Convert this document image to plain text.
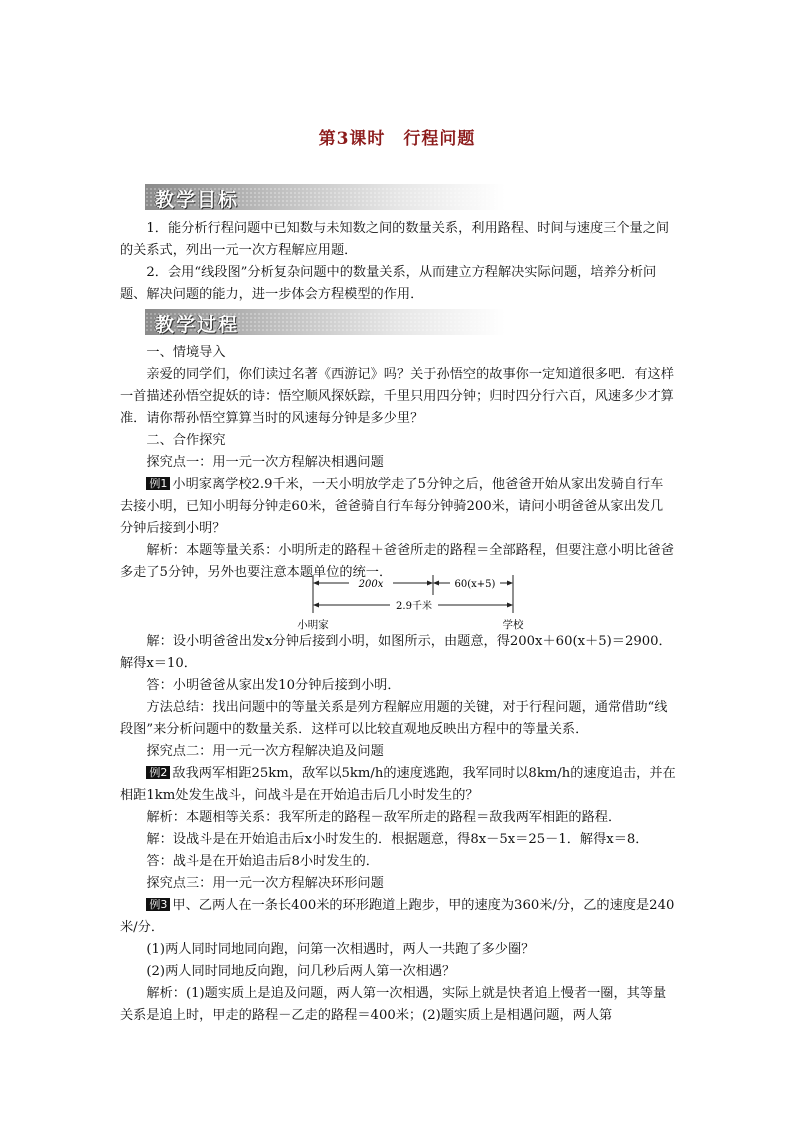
第3课时　行程问题
教学目标

1．能分析行程问题中已知数与未知数之间的数量关系，利用路程、时间与速度三个量之间的关系式，列出一元一次方程解应用题．

2．会用“线段图”分析复杂问题中的数量关系，从而建立方程解决实际问题，培养分析问题、解决问题的能力，进一步体会方程模型的作用．

教学过程

一、情境导入

亲爱的同学们，你们读过名著《西游记》吗？关于孙悟空的故事你一定知道很多吧．有这样一首描述孙悟空捉妖的诗：悟空顺风探妖踪，千里只用四分钟；归时四分行六百，风速多少才算准．请你帮孙悟空算算当时的风速每分钟是多少里？

二、合作探究

探究点一：用一元一次方程解决相遇问题

例1 小明家离学校2.9千米，一天小明放学走了5分钟之后，他爸爸开始从家出发骑自行车去接小明，已知小明每分钟走60米，爸爸骑自行车每分钟骑200米，请问小明爸爸从家出发几分钟后接到小明？

解析：本题等量关系：小明所走的路程＋爸爸所走的路程＝全部路程，但要注意小明比爸爸多走了5分钟，另外也要注意本题单位的统一．

200x	60(x+5)
2.9千米
小明家	学校

解：设小明爸爸出发x分钟后接到小明，如图所示，由题意，得200x＋60(x＋5)＝2900．解得x＝10．

答：小明爸爸从家出发10分钟后接到小明．

方法总结：找出问题中的等量关系是列方程解应用题的关键，对于行程问题，通常借助“线段图”来分析问题中的数量关系．这样可以比较直观地反映出方程中的等量关系．

探究点二：用一元一次方程解决追及问题

例2 敌我两军相距25km，敌军以5km/h的速度逃跑，我军同时以8km/h的速度追击，并在相距1km处发生战斗，问战斗是在开始追击后几小时发生的？

解析：本题相等关系：我军所走的路程－敌军所走的路程＝敌我两军相距的路程．

解：设战斗是在开始追击后x小时发生的．根据题意，得8x－5x＝25－1．解得x＝8．

答：战斗是在开始追击后8小时发生的．

探究点三：用一元一次方程解决环形问题

例3 甲、乙两人在一条长400米的环形跑道上跑步，甲的速度为360米/分，乙的速度是240米/分．

(1)两人同时同地同向跑，问第一次相遇时，两人一共跑了多少圈？

(2)两人同时同地反向跑，问几秒后两人第一次相遇？

解析：(1)题实质上是追及问题，两人第一次相遇，实际上就是快者追上慢者一圈，其等量关系是追上时，甲走的路程－乙走的路程＝400米；(2)题实质上是相遇问题，两人第
